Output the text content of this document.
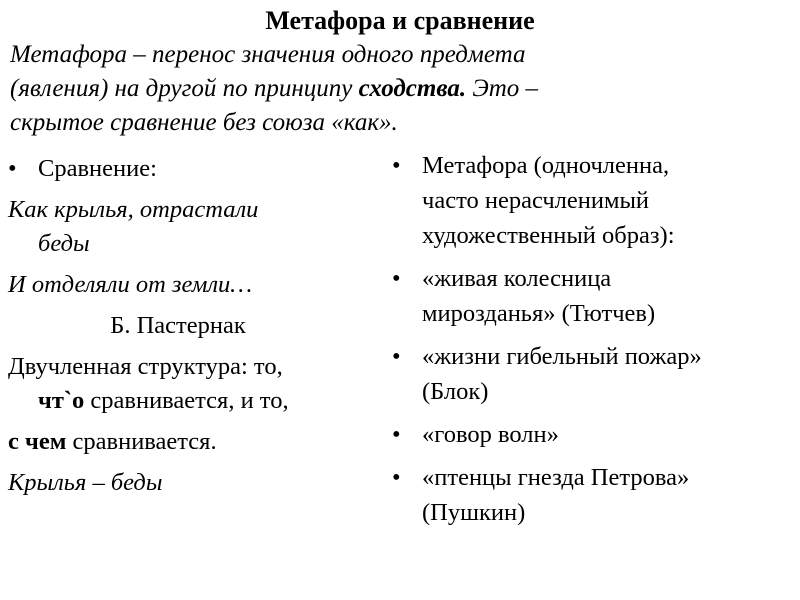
Метафора и сравнение
Метафора – перенос значения одного предмета
(явления) на другой по принципу сходства. Это –
скрытое сравнение без союза «как».
• Сравнение:
Как крылья, отрастали
беды
И отделяли от земли…
Б. Пастернак
Двучленная структура: то,
чт`о сравнивается, и то,
с чем сравнивается.
Крылья – беды
• Метафора (одночленна,
часто нерасчленимый
художественный образ):
• «живая колесница
мирозданья» (Тютчев)
• «жизни гибельный пожар»
(Блок)
• «говор волн»
• «птенцы гнезда Петрова»
(Пушкин)
